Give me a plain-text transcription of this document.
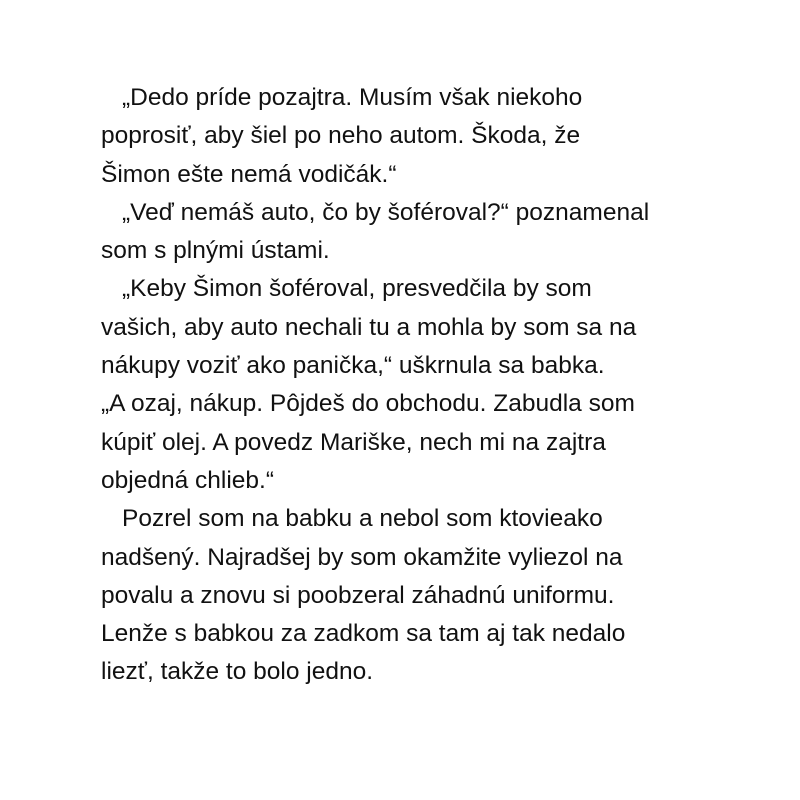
„Dedo príde pozajtra. Musím však niekoho
poprosiť, aby šiel po neho autom. Škoda, že
Šimon ešte nemá vodičák.“
„Veď nemáš auto, čo by šoféroval?“ poznamenal
som s plnými ústami.
„Keby Šimon šoféroval, presvedčila by som
vašich, aby auto nechali tu a mohla by som sa na
nákupy voziť ako panička,“ uškrnula sa babka.
„A ozaj, nákup. Pôjdeš do obchodu. Zabudla som
kúpiť olej. A povedz Mariške, nech mi na zajtra
objedná chlieb.“
Pozrel som na babku a nebol som ktovieako
nadšený. Najradšej by som okamžite vyliezol na
povalu a znovu si poobzeral záhadnú uniformu.
Lenže s babkou za zadkom sa tam aj tak nedalo
liezť, takže to bolo jedno.
